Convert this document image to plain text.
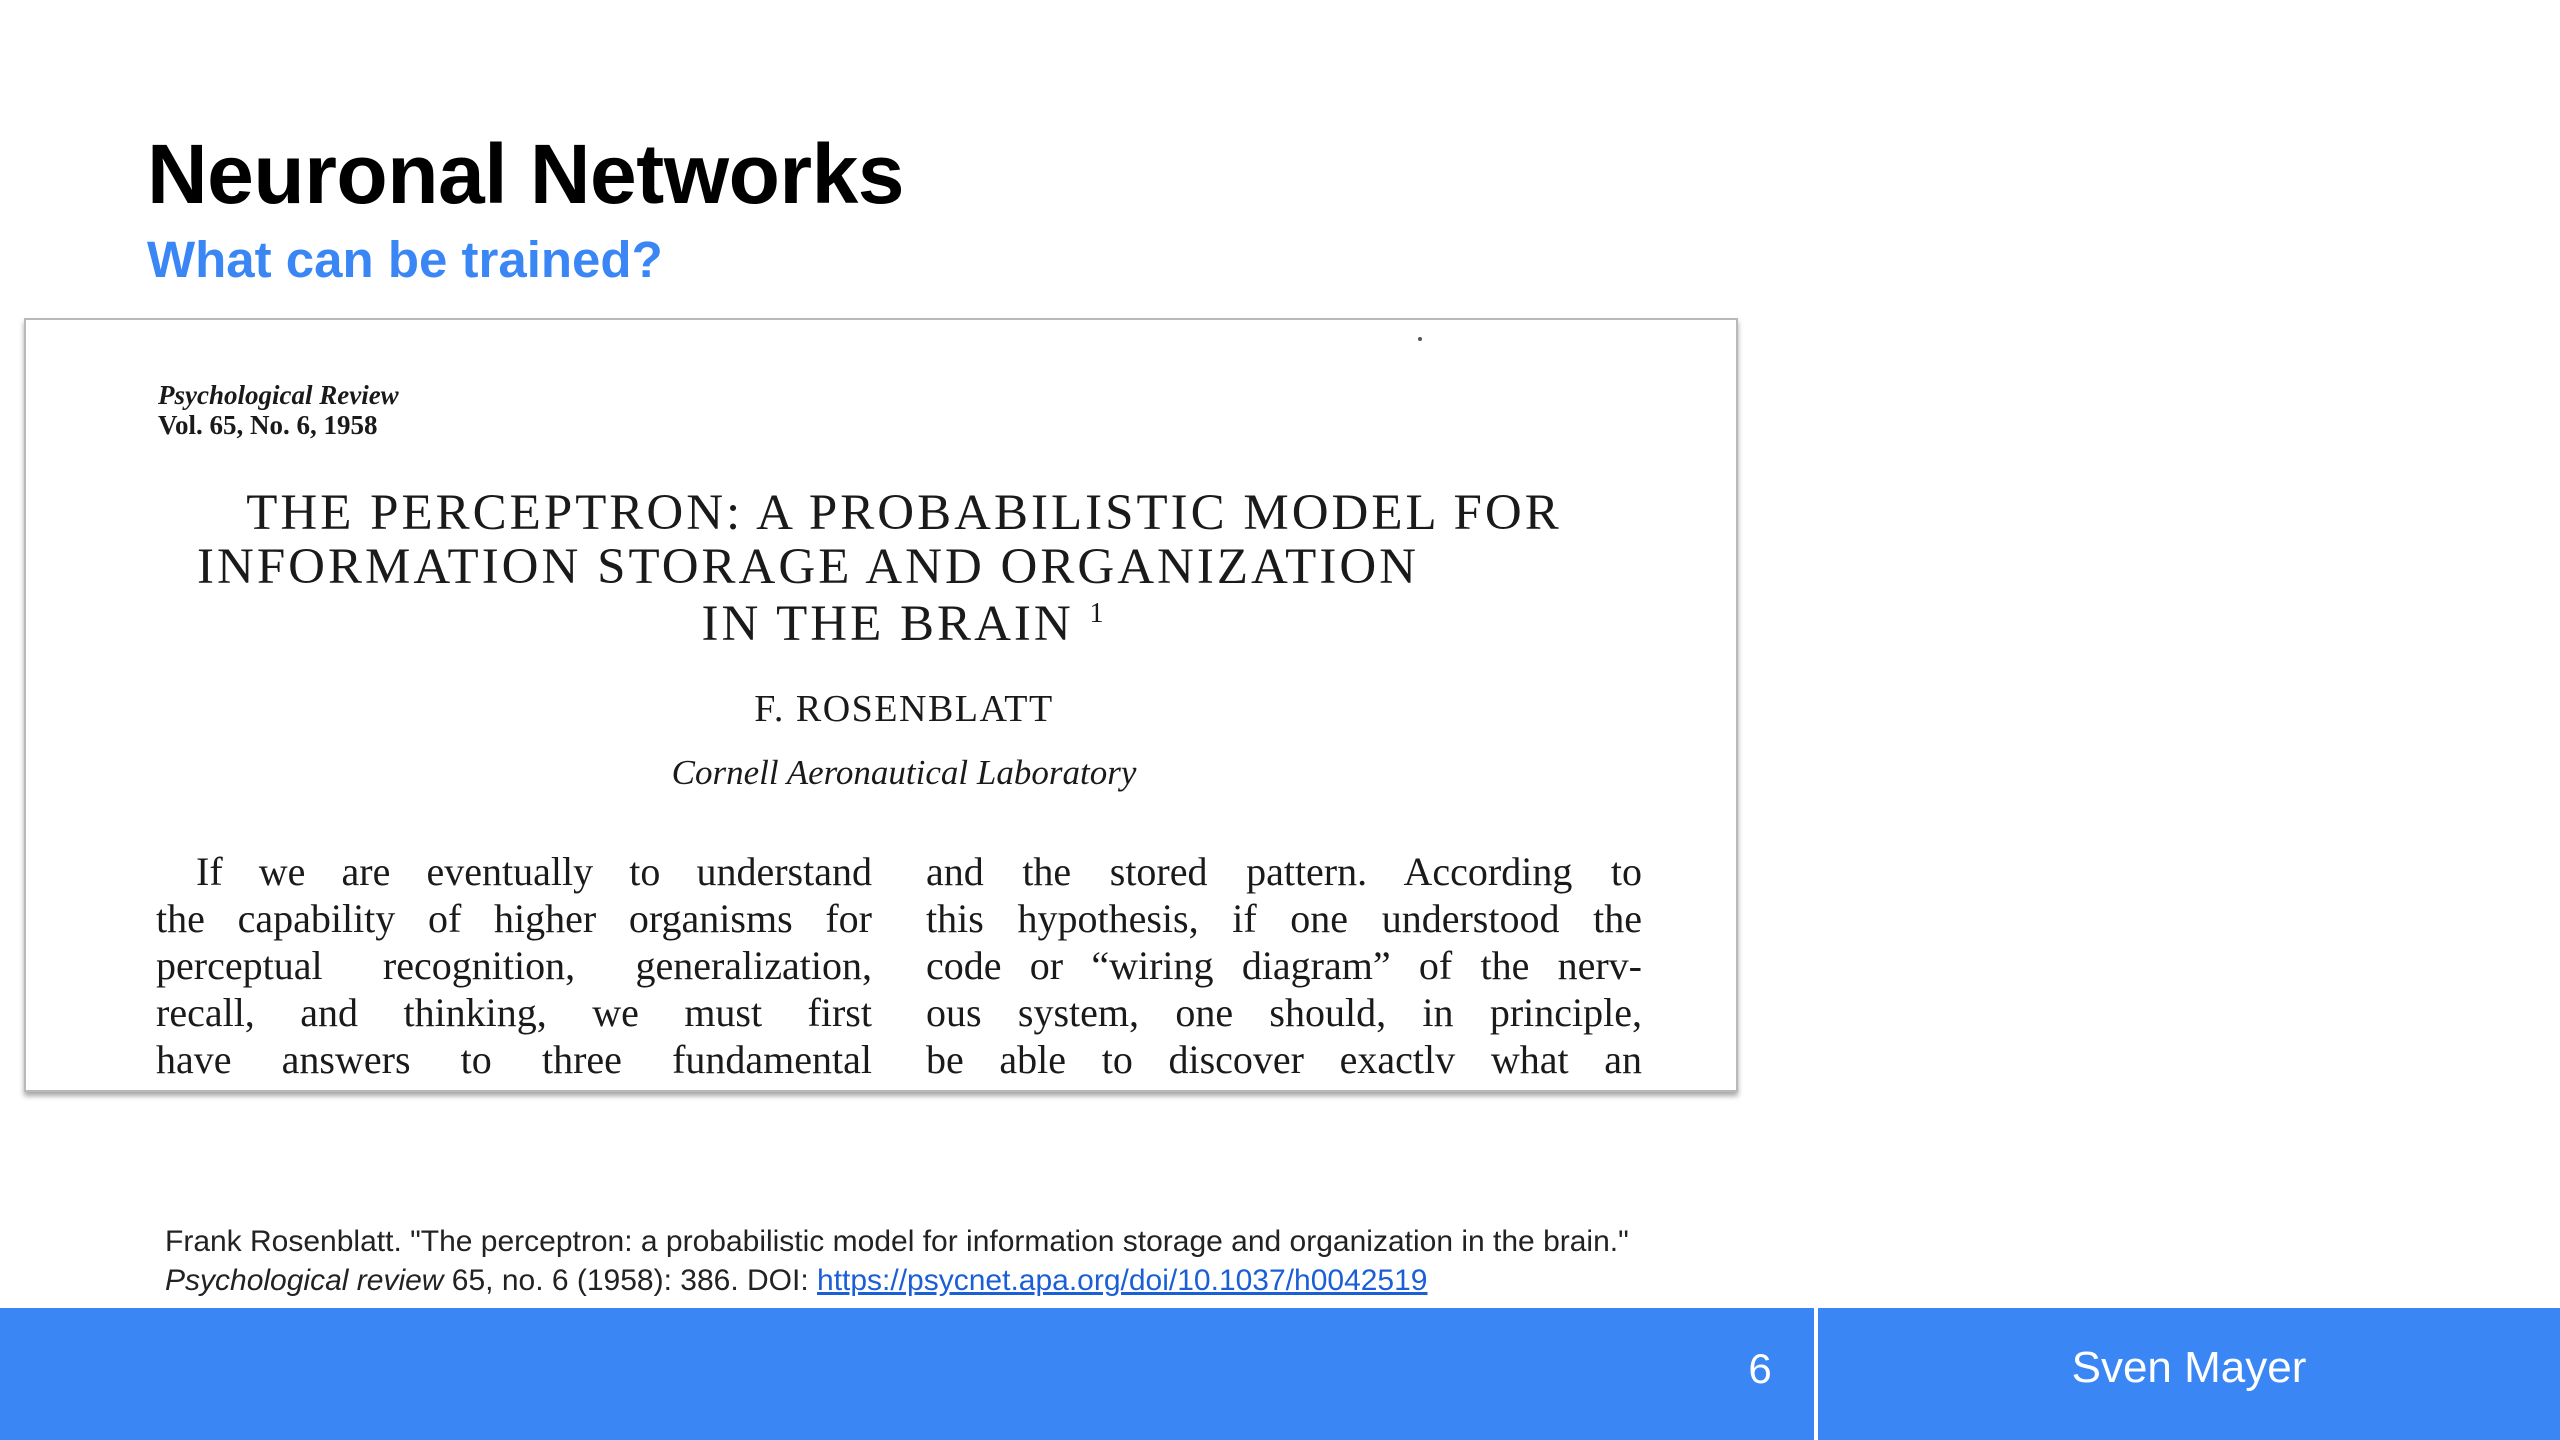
Neuronal Networks
What can be trained?
Psychological Review
Vol. 65, No. 6, 1958
THE PERCEPTRON: A PROBABILISTIC MODEL FOR
INFORMATION STORAGE AND ORGANIZATION
IN THE BRAIN $^1$
F. ROSENBLATT
Cornell Aeronautical Laboratory
If we are eventually to understand
the capability of higher organisms for
perceptual recognition, generalization,
recall, and thinking, we must first
have answers to three fundamental
and the stored pattern. According to
this hypothesis, if one understood the
code or “wiring diagram” of the nerv-
ous system, one should, in principle,
be able to discover exactlv what an
Frank Rosenblatt. "The perceptron: a probabilistic model for information storage and organization in the brain." Psychological review 65, no. 6 (1958): 386. DOI: https://psycnet.apa.org/doi/10.1037/h0042519
6	Sven Mayer
